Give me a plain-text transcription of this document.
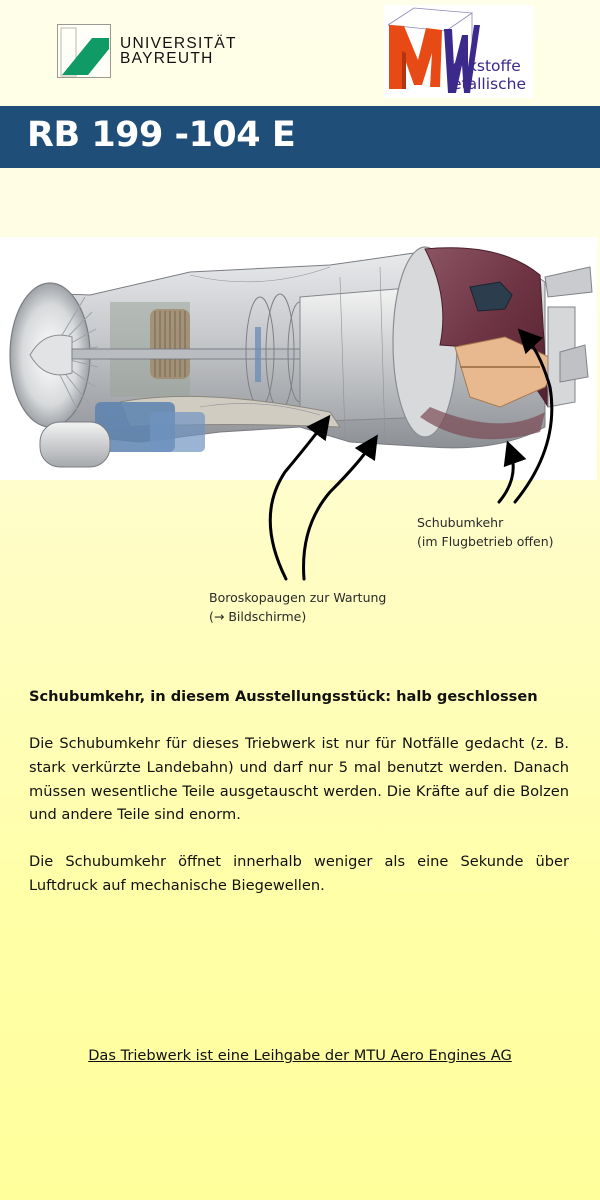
UNIVERSITÄT
BAYREUTH	erkstoffe
etallische
RB 199 -104 E
Schubumkehr
(im Flugbetrieb offen)
Boroskopaugen zur Wartung
(→ Bildschirme)
Schubumkehr, in diesem Ausstellungsstück: halb geschlossen

Die Schubumkehr für dieses Triebwerk ist nur für Notfälle gedacht (z. B. stark verkürzte Landebahn) und darf nur 5 mal benutzt werden. Danach müssen wesentliche Teile ausgetauscht werden. Die Kräfte auf die Bolzen und andere Teile sind enorm.

Die Schubumkehr öffnet innerhalb weniger als eine Sekunde über Luftdruck auf mechanische Biegewellen.

Das Triebwerk ist eine Leihgabe der MTU Aero Engines AG
